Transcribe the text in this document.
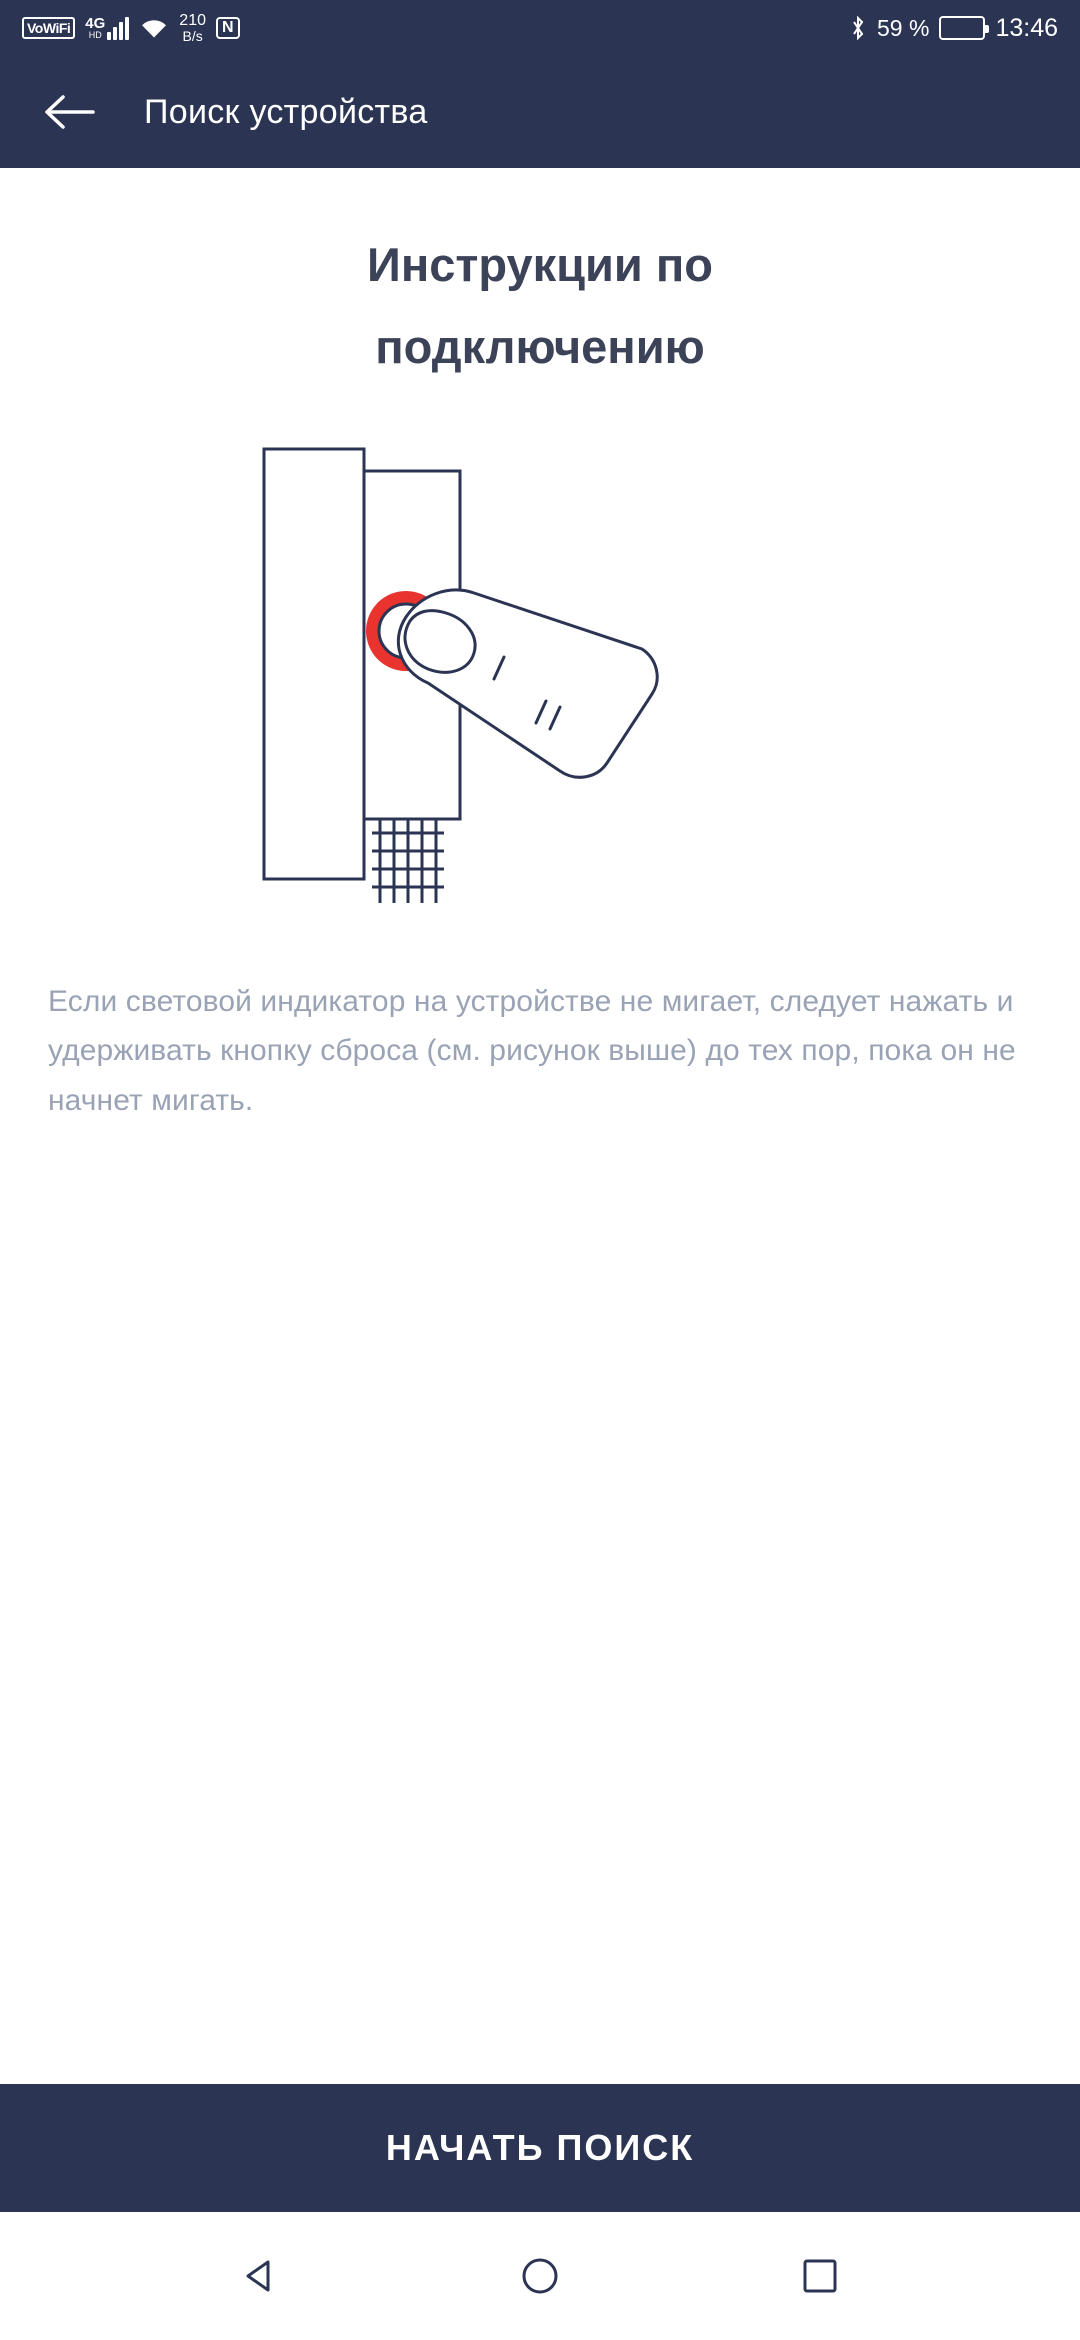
VoWiFi	4G
HD
210
B/s
N	59 %	13:46
Поиск устройства
Инструкции по
подключению

Если световой индикатор на устройстве не мигает, следует нажать и удерживать кнопку сброса (см. рисунок выше) до тех пор, пока он не начнет мигать.

НАЧАТЬ ПОИСК
